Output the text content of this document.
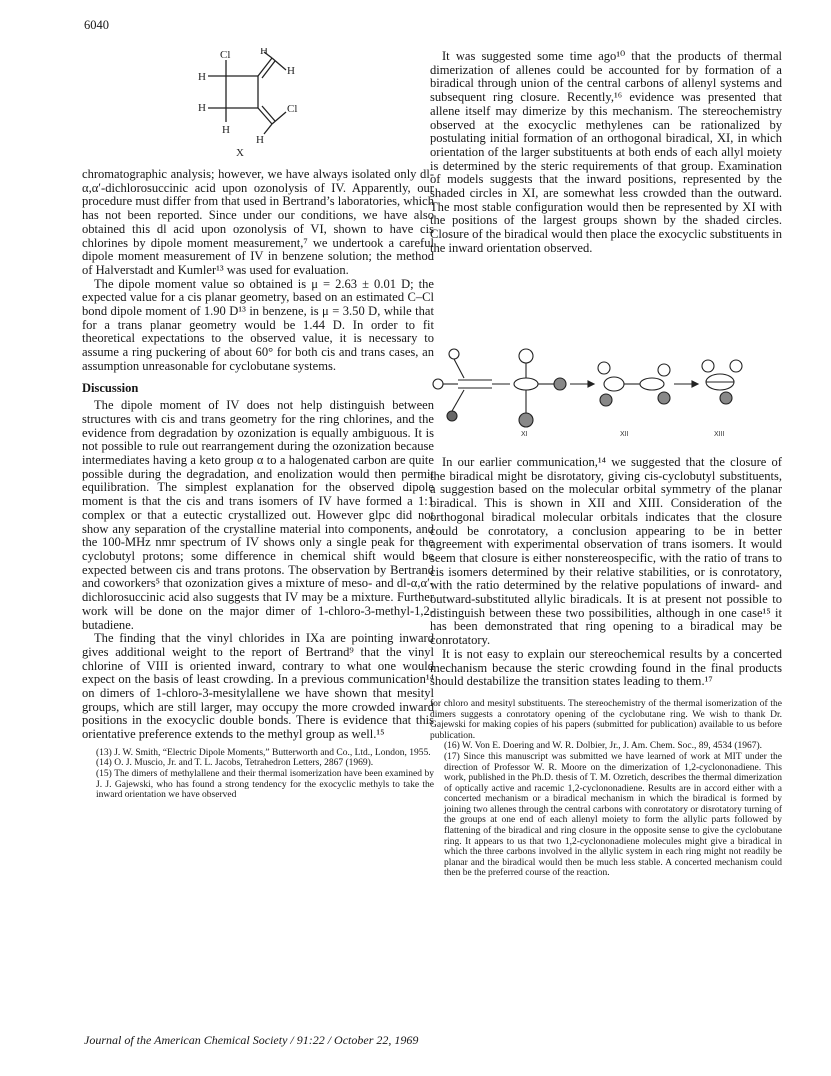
6040
Cl	H
H	H
H	Cl
H
H
X

chromatographic analysis; however, we have always isolated only dl-α,α′-dichlorosuccinic acid upon ozonolysis of IV. Apparently, our procedure must differ from that used in Bertrand’s laboratories, which has not been reported. Since under our conditions, we have also obtained this dl acid upon ozonolysis of VI, shown to have cis chlorines by dipole moment measurement,⁷ we undertook a careful dipole moment measurement of IV in benzene solution; the method of Halverstadt and Kumler¹³ was used for evaluation.

The dipole moment value so obtained is μ = 2.63 ± 0.01 D; the expected value for a cis planar geometry, based on an estimated C–Cl bond dipole moment of 1.90 D¹³ in benzene, is μ = 3.50 D, while that for a trans planar geometry would be 1.44 D. In order to fit theoretical expectations to the observed value, it is necessary to assume a ring puckering of about 60° for both cis and trans cases, an assumption unreasonable for cyclobutane systems.

Discussion

The dipole moment of IV does not help distinguish between structures with cis and trans geometry for the ring chlorines, and the evidence from degradation by ozonization is equally ambiguous. It is not possible to rule out rearrangement during the ozonization because intermediates having a keto group α to a halogenated carbon are quite possible during the degradation, and enolization would then permit equilibration. The simplest explanation for the observed dipole moment is that the cis and trans isomers of IV have formed a 1:1 complex or that a eutectic crystallized out. However glpc did not show any separation of the crystalline material into components, and the 100-MHz nmr spectrum of IV shows only a single peak for the cyclobutyl protons; some difference in chemical shift would be expected between cis and trans protons. The observation by Bertrand and coworkers⁵ that ozonization gives a mixture of meso- and dl-α,α′-dichlorosuccinic acid also suggests that IV may be a mixture. Further work will be done on the major dimer of 1-chloro-3-methyl-1,2-butadiene.

The finding that the vinyl chlorides in IXa are pointing inward gives additional weight to the report of Bertrand⁹ that the vinyl chlorine of VIII is oriented inward, contrary to what one would expect on the basis of least crowding. In a previous communication¹⁴ on dimers of 1-chloro-3-mesitylallene we have shown that mesityl groups, which are still larger, may occupy the more crowded inward positions in the exocyclic double bonds. There is evidence that this orientative preference extends to the methyl group as well.¹⁵

(13) J. W. Smith, “Electric Dipole Moments,” Butterworth and Co., Ltd., London, 1955.

(14) O. J. Muscio, Jr. and T. L. Jacobs, Tetrahedron Letters, 2867 (1969).

(15) The dimers of methylallene and their thermal isomerization have been examined by J. J. Gajewski, who has found a strong tendency for the exocyclic methyls to take the inward orientation we have observed

It was suggested some time ago¹⁰ that the products of thermal dimerization of allenes could be accounted for by formation of a biradical through union of the central carbons of allenyl systems and subsequent ring closure. Recently,¹⁶ evidence was presented that allene itself may dimerize by this mechanism. The stereochemistry observed at the exocyclic methylenes can be rationalized by postulating initial formation of an orthogonal biradical, XI, in which orientation of the larger substituents at both ends of each allyl moiety is determined by the steric requirements of that group. Examination of models suggests that the inward positions, represented by the shaded circles in XI, are somewhat less crowded than the outward. The most stable configuration would then be represented by XI with the positions of the largest groups shown by the shaded circles. Closure of the biradical would then place the exocyclic substituents in the inward orientation observed.

XI	XII	XIII

In our earlier communication,¹⁴ we suggested that the closure of the biradical might be disrotatory, giving cis-cyclobutyl substituents, a suggestion based on the molecular orbital symmetry of the planar biradical. This is shown in XII and XIII. Consideration of the orthogonal biradical molecular orbitals indicates that the closure could be conrotatory, a conclusion appearing to be in better agreement with experimental observation of trans isomers. It would seem that closure is either nonstereospecific, with the ratio of trans to cis isomers determined by their relative stabilities, or is conrotatory, with the ratio determined by the relative populations of inward- and outward-substituted allylic biradicals. It is at present not possible to distinguish between these two possibilities, although in one case¹⁵ it has been demonstrated that ring opening to a biradical may be conrotatory.

It is not easy to explain our stereochemical results by a concerted mechanism because the steric crowding found in the final products should destabilize the transition states leading to them.¹⁷

for chloro and mesityl substituents. The stereochemistry of the thermal isomerization of the dimers suggests a conrotatory opening of the cyclobutane ring. We wish to thank Dr. Gajewski for making copies of his papers (submitted for publication) available to us before publication.

(16) W. Von E. Doering and W. R. Dolbier, Jr., J. Am. Chem. Soc., 89, 4534 (1967).

(17) Since this manuscript was submitted we have learned of work at MIT under the direction of Professor W. R. Moore on the dimerization of 1,2-cyclononadiene. This work, published in the Ph.D. thesis of T. M. Ozretich, describes the thermal dimerization of optically active and racemic 1,2-cyclononadiene. Results are in accord either with a concerted mechanism or a biradical mechanism in which the biradical is formed by joining two allenes through the central carbons with conrotatory or disrotatory turning of the groups at one end of each allenyl moiety to form the allylic parts followed by flattening of the biradical and ring closure in the opposite sense to give the cyclobutane ring. It appears to us that two 1,2-cyclononadiene molecules might give a biradical in which the three carbons involved in the allylic system in each ring might not readily be planar and the biradical would then be much less stable. A concerted mechanism could then be the preferred course of the reaction.

Journal of the American Chemical Society / 91:22 / October 22, 1969
